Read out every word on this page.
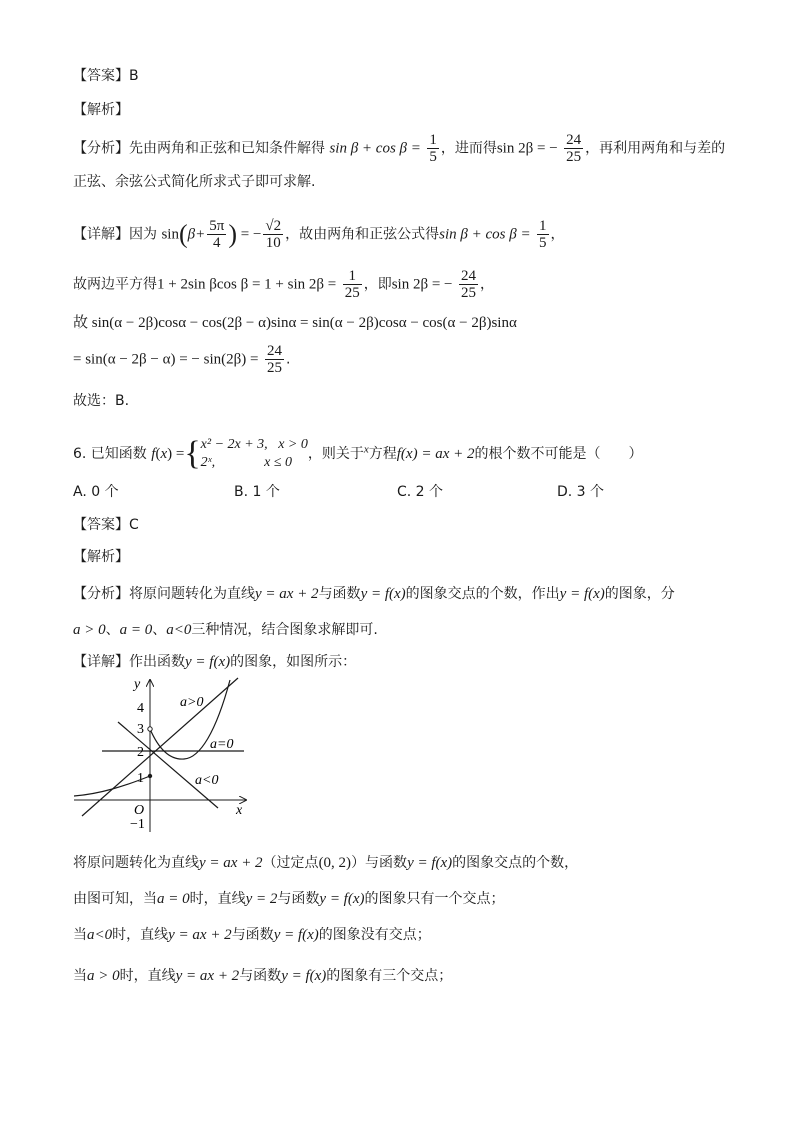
【答案】B
【解析】
【分析】先由两角和正弦和已知条件解得 $\sin \beta + \cos \beta = \frac{1}{5}$ ，进而得sin 2β = − $\frac{24}{25}$ ，再利用两角和与差的
正弦、余弦公式简化所求式子即可求解.
【详解】因为 $\sin(\beta+ \frac{5\pi}{4}$ ) = − $\frac{√2}{10}$ ，故由两角和正弦公式得$\sin \beta + \cos \beta = \frac{1}{5}$ ，
故两边平方得1 + 2sin βcos $\beta = 1 + \sin 2\beta = \frac{1}{25}$ ，即sin 2β = − $\frac{24}{25}$ ，
故 sin(α − 2β)cosα − cos(2β − α)sinα = sin(α − 2β)cosα − cos(α − 2β)sinα
= sin(α − 2β − α) = − $\sin(2\beta) = \frac{24}{25}$ .
故选：B.
6. 已知函数 f(x) ={x² − 2x + 3, x > 0
2ˣ,	x ≤ 0，则关于$^x$方程f(x) = ax + 2的根个数不可能是（　　）
A. 0 个	B. 1 个	C. 2 个	D. 3 个
【答案】C
【解析】
【分析】将原问题转化为直线y = ax + 2与函数y = f(x)的图象交点的个数，作出y = f(x)的图象，分
a > 0、a = 0、a<0三种情况，结合图象求解即可.
【详解】作出函数y = f(x)的图象，如图所示：
x
y
O
4
3
2
1
−1
a>0
a=0
a<0
将原问题转化为直线y = ax + 2（过定点(0, 2)）与函数y = f(x)的图象交点的个数，
由图可知，当a = 0时，直线y = 2与函数y = f(x)的图象只有一个交点；
当a<0时，直线y = ax + 2与函数y = f(x)的图象没有交点；
当a > 0时，直线y = ax + 2与函数y = f(x)的图象有三个交点；
